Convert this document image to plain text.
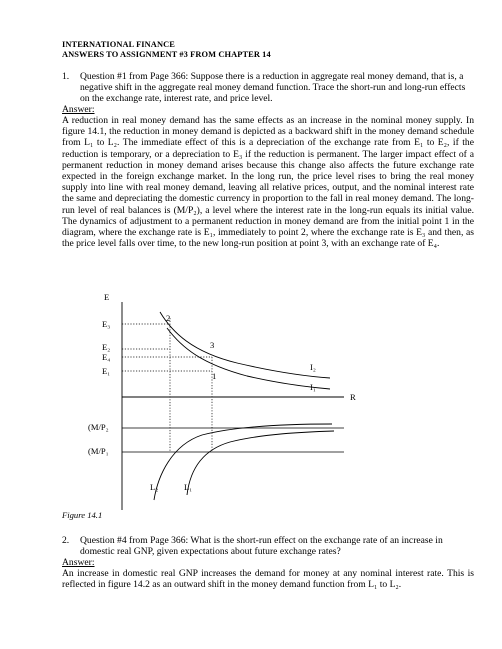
INTERNATIONAL FINANCE
ANSWERS TO ASSIGNMENT #3 FROM CHAPTER 14
1. Question #1 from Page 366: Suppose there is a reduction in aggregate real money demand, that is, a negative shift in the aggregate real money demand function. Trace the short-run and long-run effects on the exchange rate, interest rate, and price level.
Answer:
A reduction in real money demand has the same effects as an increase in the nominal money supply. In figure 14.1, the reduction in money demand is depicted as a backward shift in the money demand schedule from L₁ to L₂. The immediate effect of this is a depreciation of the exchange rate from E₁ to E₂, if the reduction is temporary, or a depreciation to E₃ if the reduction is permanent. The larger impact effect of a permanent reduction in money demand arises because this change also affects the future exchange rate expected in the foreign exchange market. In the long run, the price level rises to bring the real money supply into line with real money demand, leaving all relative prices, output, and the nominal interest rate the same and depreciating the domestic currency in proportion to the fall in real money demand. The long-run level of real balances is (M/P₂), a level where the interest rate in the long-run equals its initial value. The dynamics of adjustment to a permanent reduction in money demand are from the initial point 1 in the diagram, where the exchange rate is E₁, immediately to point 2, where the exchange rate is E₃ and then, as the price level falls over time, to the new long-run position at point 3, with an exchange rate of E₄.
E
R
E₃
E₂
E₄
E₁
(M/P₂
(M/P₁
L₂	L₁
I₂
I₁
1
2
3
Figure 14.1
2. Question #4 from Page 366: What is the short-run effect on the exchange rate of an increase in domestic real GNP, given expectations about future exchange rates?
Answer:
An increase in domestic real GNP increases the demand for money at any nominal interest rate. This is reflected in figure 14.2 as an outward shift in the money demand function from L₁ to L₂.
